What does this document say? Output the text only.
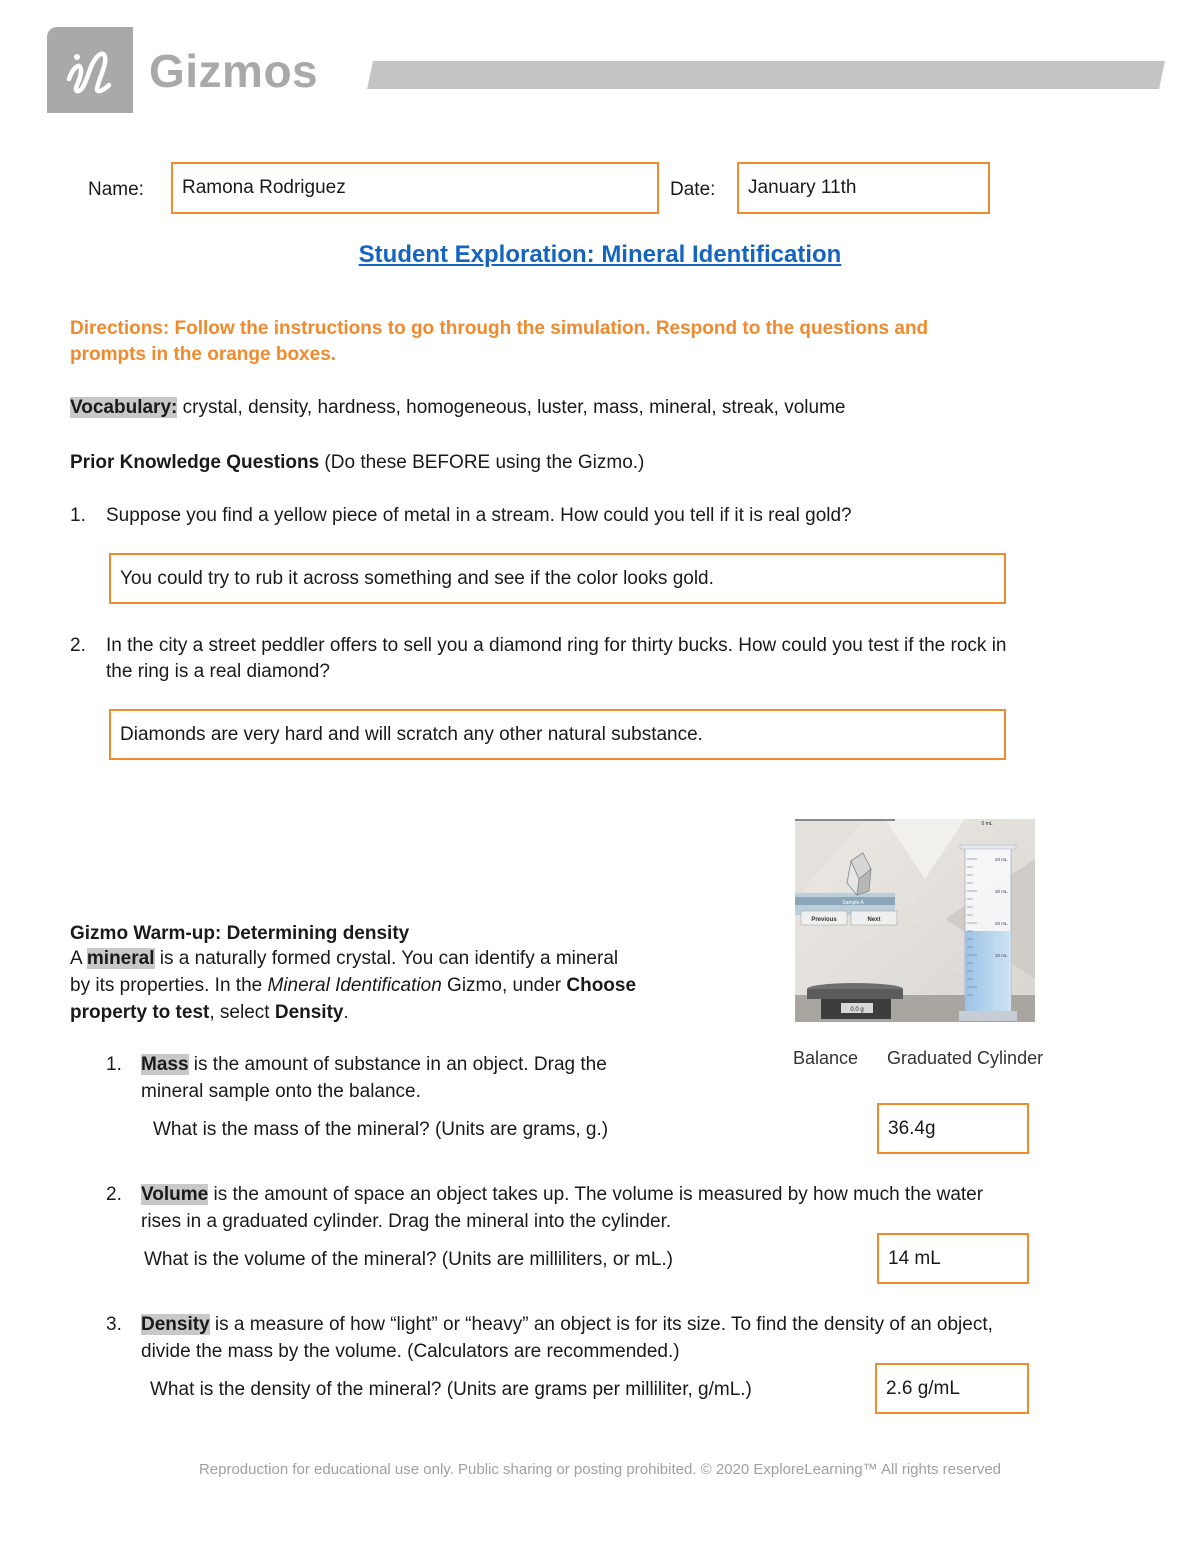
Gizmos
Name: Ramona Rodriguez	Date: January 11th
Student Exploration: Mineral Identification
Directions: Follow the instructions to go through the simulation. Respond to the questions and
prompts in the orange boxes.
Vocabulary: crystal, density, hardness, homogeneous, luster, mass, mineral, streak, volume
Prior Knowledge Questions (Do these BEFORE using the Gizmo.)
1. Suppose you find a yellow piece of metal in a stream. How could you tell if it is real gold?
You could try to rub it across something and see if the color looks gold.
2. In the city a street peddler offers to sell you a diamond ring for thirty bucks. How could you test if the rock in
the ring is a real diamond?
Diamonds are very hard and will scratch any other natural substance.
Sample A
Previous	Next
0.0 g
0 mL
40 mL
30 mL
20 mL
10 mL
Balance Graduated Cylinder
Gizmo Warm-up: Determining density
A mineral is a naturally formed crystal. You can identify a mineral
by its properties. In the Mineral Identification Gizmo, under Choose
property to test, select Density.
1. Mass is the amount of substance in an object. Drag the
mineral sample onto the balance.
What is the mass of the mineral? (Units are grams, g.)	36.4g
2. Volume is the amount of space an object takes up. The volume is measured by how much the water
rises in a graduated cylinder. Drag the mineral into the cylinder.
What is the volume of the mineral? (Units are milliliters, or mL.)	14 mL
3. Density is a measure of how “light” or “heavy” an object is for its size. To find the density of an object,
divide the mass by the volume. (Calculators are recommended.)
What is the density of the mineral? (Units are grams per milliliter, g/mL.)	2.6 g/mL
Reproduction for educational use only. Public sharing or posting prohibited. © 2020 ExploreLearning™ All rights reserved
